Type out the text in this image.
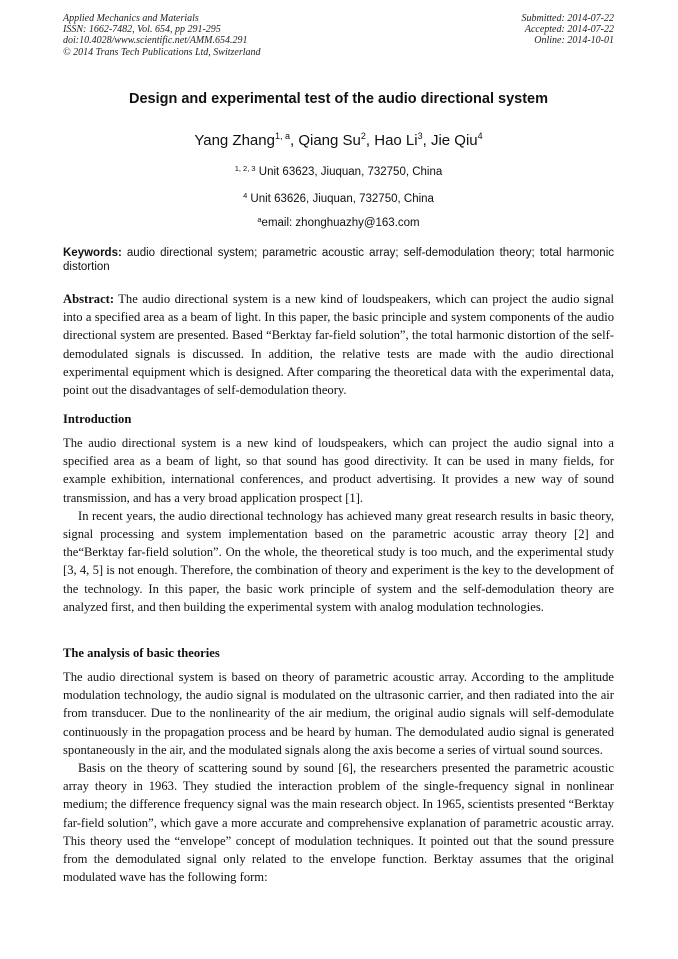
Applied Mechanics and Materials
ISSN: 1662-7482, Vol. 654, pp 291-295
doi:10.4028/www.scientific.net/AMM.654.291
© 2014 Trans Tech Publications Ltd, Switzerland
Submitted: 2014-07-22
Accepted: 2014-07-22
Online: 2014-10-01
Design and experimental test of the audio directional system
Yang Zhang$^{1, a}$, Qiang Su$^2$, Hao Li$^3$, Jie Qiu$^4$
$^{1, 2, 3}$ Unit 63623, Jiuquan, 732750, China
$^4$ Unit 63626, Jiuquan, 732750, China
$^a$email: zhonghuazhy@163.com
Keywords: audio directional system; parametric acoustic array; self-demodulation theory; total harmonic distortion
Abstract: The audio directional system is a new kind of loudspeakers, which can project the audio signal into a specified area as a beam of light. In this paper, the basic principle and system components of the audio directional system are presented. Based “Berktay far-field solution”, the total harmonic distortion of the self-demodulated signals is discussed. In addition, the relative tests are made with the audio directional experimental equipment which is designed. After comparing the theoretical data with the experimental data, point out the disadvantages of self-demodulation theory.
Introduction

The audio directional system is a new kind of loudspeakers, which can project the audio signal into a specified area as a beam of light, so that sound has good directivity. It can be used in many fields, for example exhibition, international conferences, and product advertising. It provides a new way of sound transmission, and has a very broad application prospect [1].

In recent years, the audio directional technology has achieved many great research results in basic theory, signal processing and system implementation based on the parametric acoustic array theory [2] and the“Berktay far-field solution”. On the whole, the theoretical study is too much, and the experimental study [3, 4, 5] is not enough. Therefore, the combination of theory and experiment is the key to the development of the technology. In this paper, the basic work principle of system and the self-demodulation theory are analyzed first, and then building the experimental system with analog modulation technologies.

The analysis of basic theories

The audio directional system is based on theory of parametric acoustic array. According to the amplitude modulation technology, the audio signal is modulated on the ultrasonic carrier, and then radiated into the air from transducer. Due to the nonlinearity of the air medium, the original audio signals will self-demodulate continuously in the propagation process and be heard by human. The demodulated audio signal is generated spontaneously in the air, and the modulated signals along the axis become a series of virtual sound sources.

Basis on the theory of scattering sound by sound [6], the researchers presented the parametric acoustic array theory in 1963. They studied the interaction problem of the single-frequency signal in nonlinear medium; the difference frequency signal was the main research object. In 1965, scientists presented “Berktay far-field solution”, which gave a more accurate and comprehensive explanation of parametric acoustic array. This theory used the “envelope” concept of modulation techniques. It pointed out that the sound pressure from the demodulated signal only related to the envelope function. Berktay assumes that the original modulated wave has the following form:
